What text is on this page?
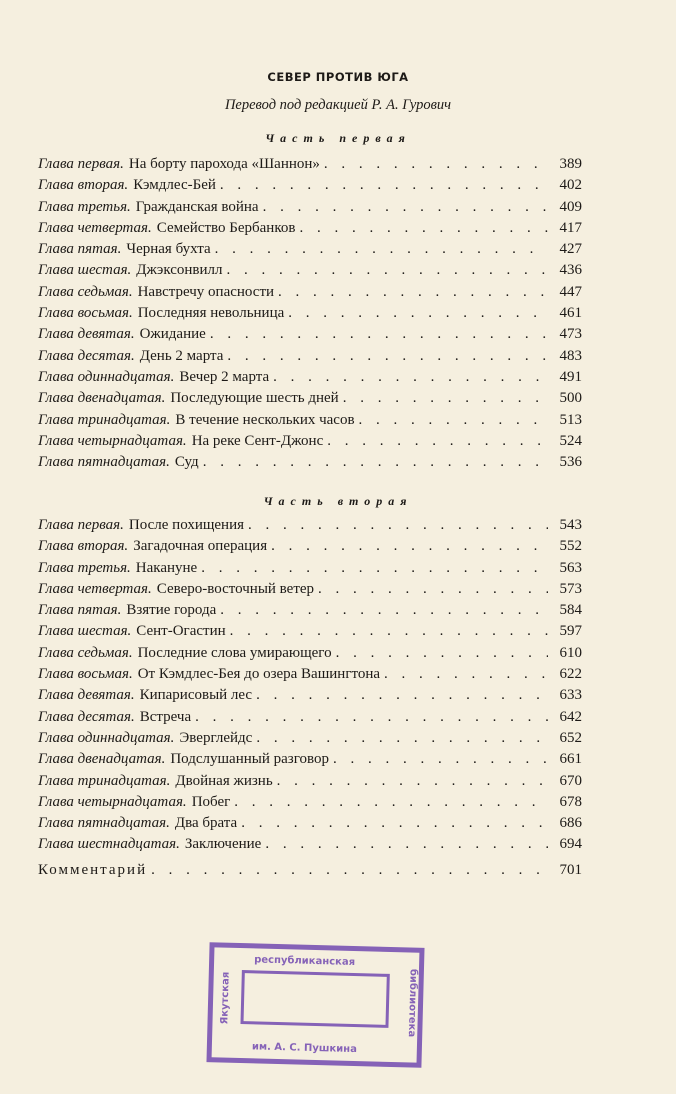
СЕВЕР ПРОТИВ ЮГА
Перевод под редакцией Р. А. Гурович
Часть первая
Глава первая. На борту парохода «Шаннон» . . .	389
Глава вторая. Кэмдлес-Бей . . .	402
Глава третья. Гражданская война . . .	409
Глава четвертая. Семейство Бербанков . . .	417
Глава пятая. Черная бухта . . .	427
Глава шестая. Джэксонвилл . . .	436
Глава седьмая. Навстречу опасности . . .	447
Глава восьмая. Последняя невольница . . .	461
Глава девятая. Ожидание . . .	473
Глава десятая. День 2 марта . . .	483
Глава одиннадцатая. Вечер 2 марта . . .	491
Глава двенадцатая. Последующие шесть дней . . .	500
Глава тринадцатая. В течение нескольких часов . . .	513
Глава четырнадцатая. На реке Сент-Джонс . . .	524
Глава пятнадцатая. Суд . . .	536
Часть вторая
Глава первая. После похищения . . .	543
Глава вторая. Загадочная операция . . .	552
Глава третья. Накануне . . .	563
Глава четвертая. Северо-восточный ветер . . .	573
Глава пятая. Взятие города . . .	584
Глава шестая. Сент-Огастин . . .	597
Глава седьмая. Последние слова умирающего . . .	610
Глава восьмая. От Кэмдлес-Бея до озера Вашингтона . . .	622
Глава девятая. Кипарисовый лес . . .	633
Глава десятая. Встреча . . .	642
Глава одиннадцатая. Эверглейдс . . .	652
Глава двенадцатая. Подслушанный разговор . . .	661
Глава тринадцатая. Двойная жизнь . . .	670
Глава четырнадцатая. Побег . . .	678
Глава пятнадцатая. Два брата . . .	686
Глава шестнадцатая. Заключение . . .	694
Комментарий . . .	701
республиканская
Якутская	библиотека
им. А. С. Пушкина
